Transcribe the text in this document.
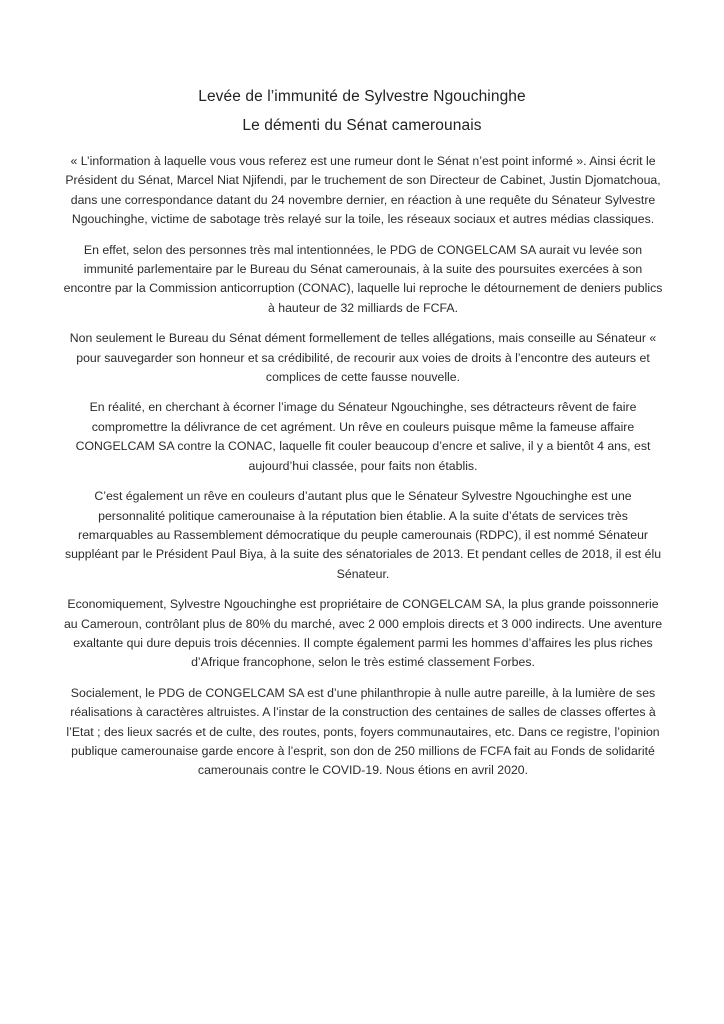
Levée de l’immunité de Sylvestre Ngouchinghe
Le démenti du Sénat camerounais

« L’information à laquelle vous vous referez est une rumeur dont le Sénat n’est point informé ». Ainsi écrit le Président du Sénat, Marcel Niat Njifendi, par le truchement de son Directeur de Cabinet, Justin Djomatchoua, dans une correspondance datant du 24 novembre dernier, en réaction à une requête du Sénateur Sylvestre Ngouchinghe, victime de sabotage très relayé sur la toile, les réseaux sociaux et autres médias classiques.

En effet, selon des personnes très mal intentionnées, le PDG de CONGELCAM SA aurait vu levée son immunité parlementaire par le Bureau du Sénat camerounais, à la suite des poursuites exercées à son encontre par la Commission anticorruption (CONAC), laquelle lui reproche le détournement de deniers publics à hauteur de 32 milliards de FCFA.

Non seulement le Bureau du Sénat dément formellement de telles allégations, mais conseille au Sénateur « pour sauvegarder son honneur et sa crédibilité, de recourir aux voies de droits à l’encontre des auteurs et complices de cette fausse nouvelle.

En réalité, en cherchant à écorner l’image du Sénateur Ngouchinghe, ses détracteurs rêvent de faire compromettre la délivrance de cet agrément. Un rêve en couleurs puisque même la fameuse affaire CONGELCAM SA contre la CONAC, laquelle fit couler beaucoup d’encre et salive, il y a bientôt 4 ans, est aujourd’hui classée, pour faits non établis.

C’est également un rêve en couleurs d’autant plus que le Sénateur Sylvestre Ngouchinghe est une personnalité politique camerounaise à la réputation bien établie. A la suite d’états de services très remarquables au Rassemblement démocratique du peuple camerounais (RDPC), il est nommé Sénateur suppléant par le Président Paul Biya, à la suite des sénatoriales de 2013. Et pendant celles de 2018, il est élu Sénateur.

Economiquement, Sylvestre Ngouchinghe est propriétaire de CONGELCAM SA, la plus grande poissonnerie au Cameroun, contrôlant plus de 80% du marché, avec 2 000 emplois directs et 3 000 indirects. Une aventure exaltante qui dure depuis trois décennies. Il compte également parmi les hommes d’affaires les plus riches d’Afrique francophone, selon le très estimé classement Forbes.

Socialement, le PDG de CONGELCAM SA est d’une philanthropie à nulle autre pareille, à la lumière de ses réalisations à caractères altruistes. A l’instar de la construction des centaines de salles de classes offertes à l’Etat ; des lieux sacrés et de culte, des routes, ponts, foyers communautaires, etc. Dans ce registre, l’opinion publique camerounaise garde encore à l’esprit, son don de 250 millions de FCFA fait au Fonds de solidarité camerounais contre le COVID-19. Nous étions en avril 2020.
